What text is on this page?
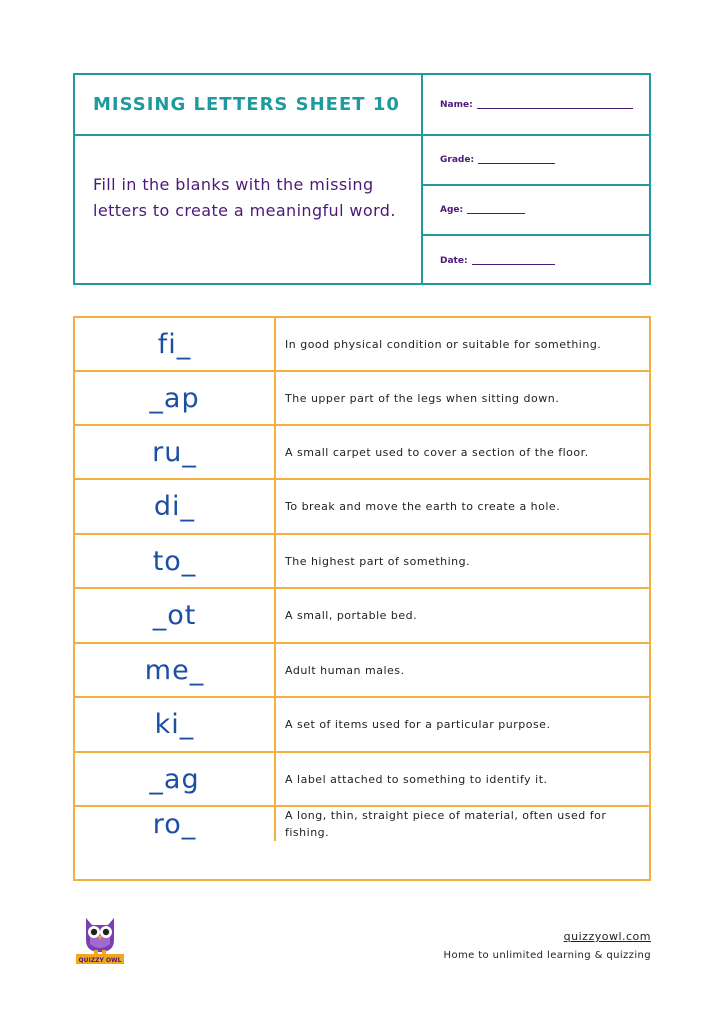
MISSING LETTERS SHEET 10
Fill in the blanks with the missing letters to create a meaningful word.
Name:
Grade:
Age:
Date:
fi_	In good physical condition or suitable for something.
_ap	The upper part of the legs when sitting down.
ru_	A small carpet used to cover a section of the floor.
di_	To break and move the earth to create a hole.
to_	The highest part of something.
_ot	A small, portable bed.
me_	Adult human males.
ki_	A set of items used for a particular purpose.
_ag	A label attached to something to identify it.
ro_	A long, thin, straight piece of material, often used for fishing.
QUIZZY OWL
quizzyowl.com
Home to unlimited learning & quizzing
